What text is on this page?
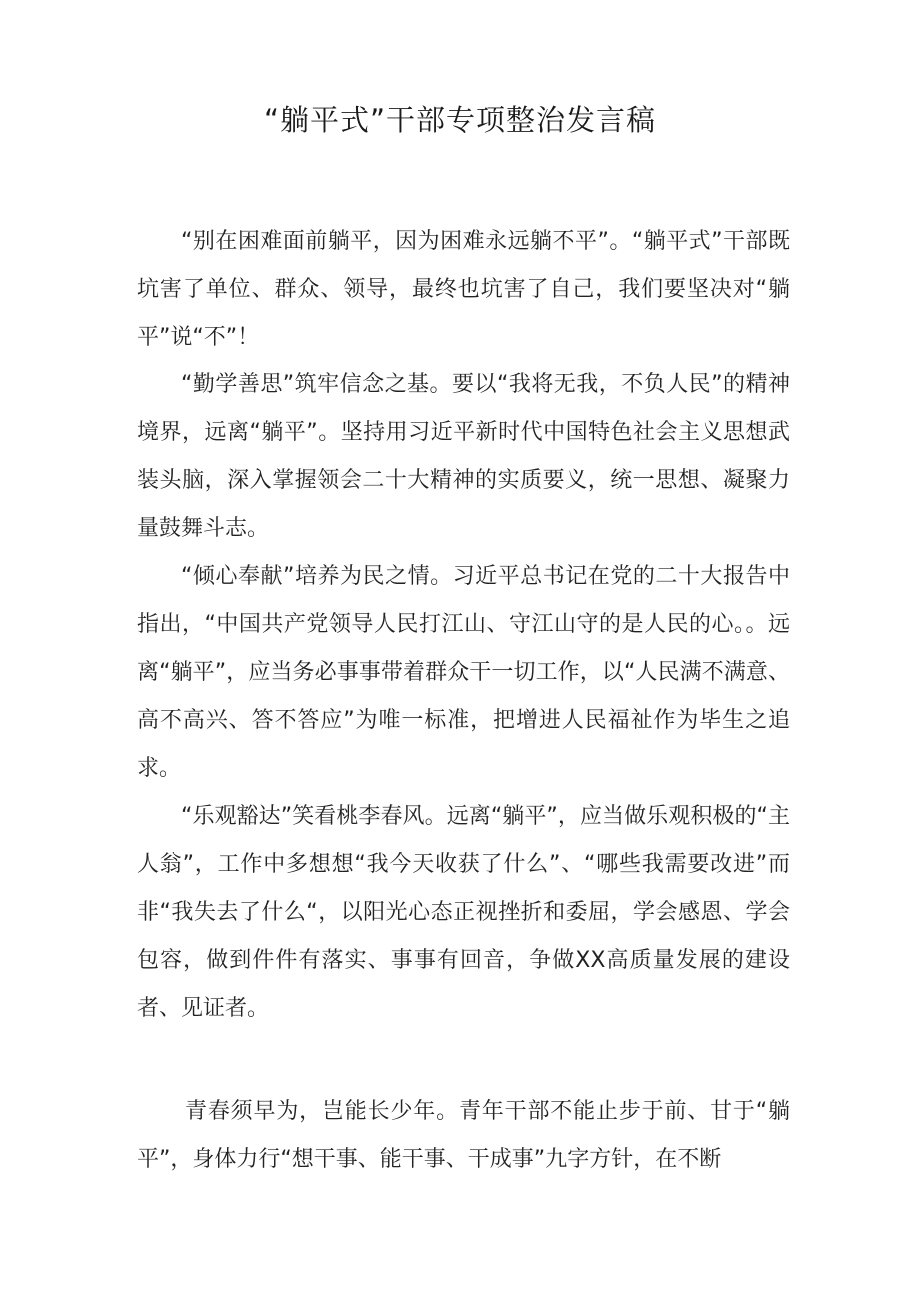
“躺平式”干部专项整治发言稿

“别在困难面前躺平，因为困难永远躺不平”。“躺平式”干部既坑害了单位、群众、领导，最终也坑害了自己，我们要坚决对“躺平”说“不”！

“勤学善思”筑牢信念之基。要以“我将无我，不负人民”的精神境界，远离“躺平”。坚持用习近平新时代中国特色社会主义思想武装头脑，深入掌握领会二十大精神的实质要义，统一思想、凝聚力量鼓舞斗志。

“倾心奉献”培养为民之情。习近平总书记在党的二十大报告中指出，“中国共产党领导人民打江山、守江山守的是人民的心。。远离“躺平”，应当务必事事带着群众干一切工作，以“人民满不满意、高不高兴、答不答应”为唯一标准，把增进人民福祉作为毕生之追求。

“乐观豁达”笑看桃李春风。远离“躺平”，应当做乐观积极的“主人翁”，工作中多想想“我今天收获了什么”、“哪些我需要改进”而非“我失去了什么“，以阳光心态正视挫折和委屈，学会感恩、学会包容，做到件件有落实、事事有回音，争做XX高质量发展的建设者、见证者。

青春须早为，岂能长少年。青年干部不能止步于前、甘于“躺平”，身体力行“想干事、能干事、干成事”九字方针，在不断
